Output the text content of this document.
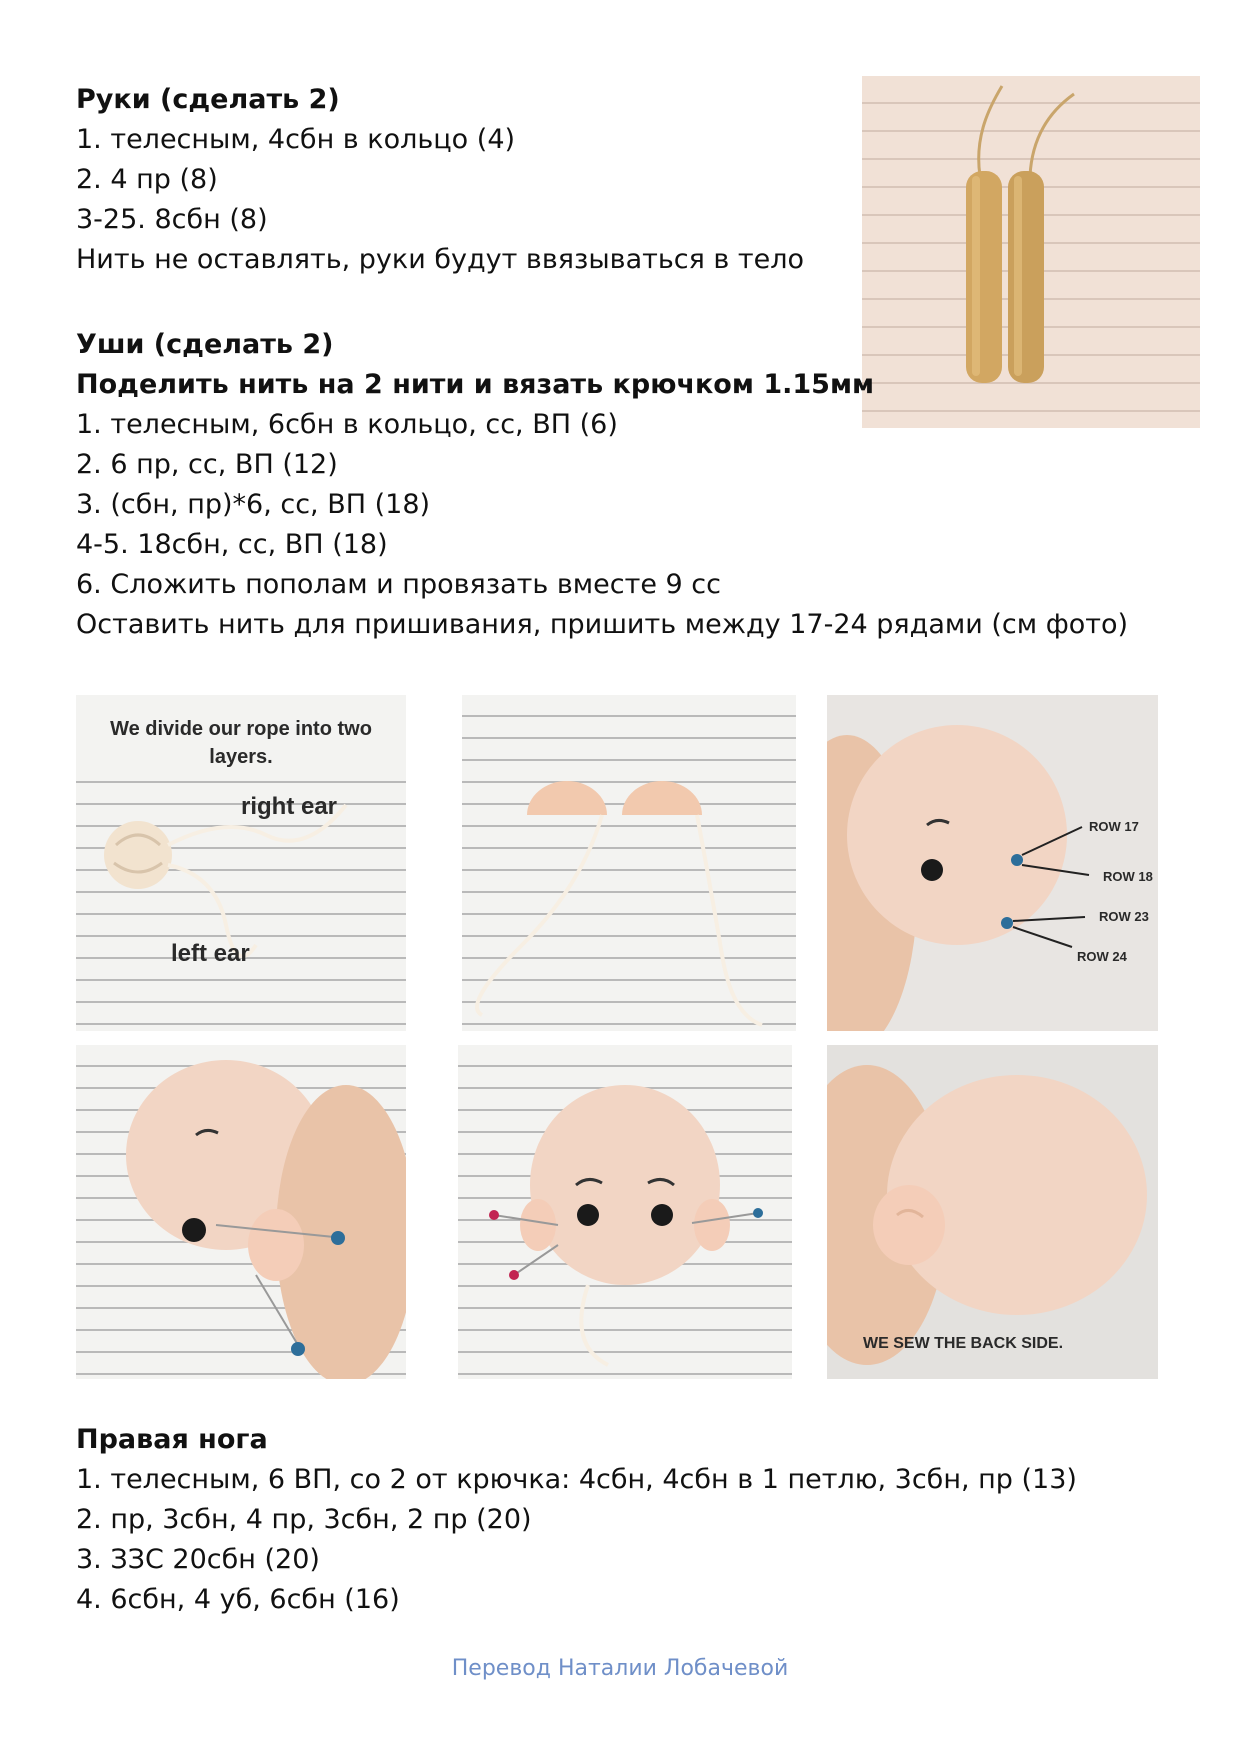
Руки (сделать 2)
1. телесным, 4сбн в кольцо (4)
2. 4 пр (8)
3-25. 8сбн (8)
Нить не оставлять, руки будут ввязываться в тело
Уши (сделать 2)
Поделить нить на 2 нити и вязать крючком 1.15мм
1. телесным, 6сбн в кольцо, сс, ВП (6)
2. 6 пр, сс, ВП (12)
3. (сбн, пр)*6, сс, ВП (18)
4-5. 18сбн, сс, ВП (18)
6. Сложить пополам и провязать вместе 9 сс
Оставить нить для пришивания, пришить между 17-24 рядами (см фото)
We divide our rope into two layers.
right ear
left ear
ROW 17
ROW 18
ROW 23
ROW 24
WE SEW THE BACK SIDE.
Правая нога
1. телесным, 6 ВП, со 2 от крючка: 4сбн, 4сбн в 1 петлю, 3сбн, пр (13)
2. пр, 3сбн, 4 пр, 3сбн, 2 пр (20)
3. ЗЗС 20сбн (20)
4. 6сбн, 4 уб, 6сбн (16)
Перевод Наталии Лобачевой
